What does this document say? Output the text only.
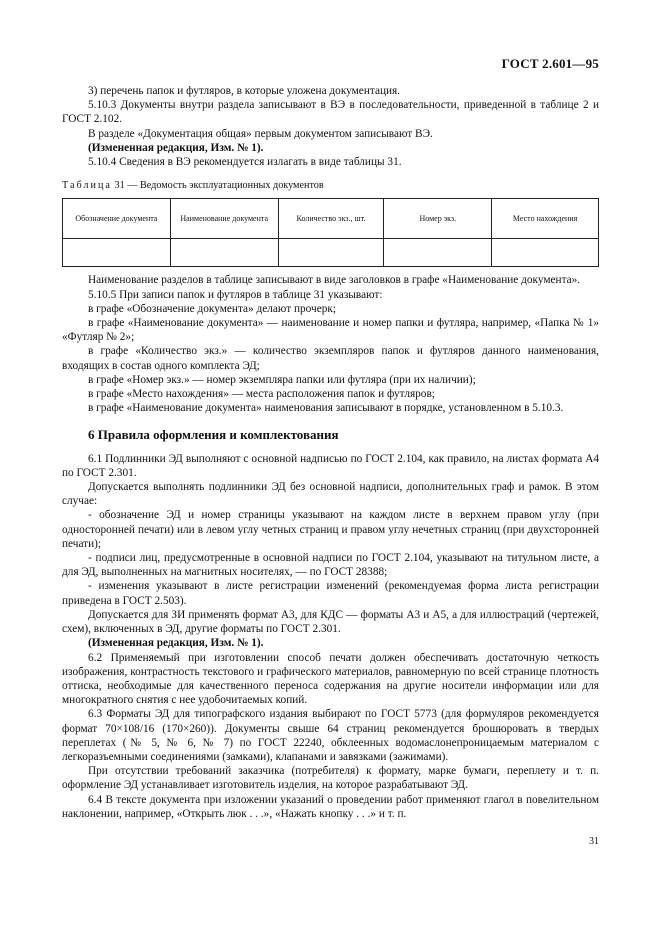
ГОСТ 2.601—95

3) перечень папок и футляров, в которые уложена документация.

5.10.3 Документы внутри раздела записывают в ВЭ в последовательности, приведенной в таблице 2 и ГОСТ 2.102.

В разделе «Документация общая» первым документом записывают ВЭ.

(Измененная редакция, Изм. № 1).

5.10.4 Сведения в ВЭ рекомендуется излагать в виде таблицы 31.

Таблица 31 — Ведомость эксплуатационных документов

Обозначение документа	Наименование документа	Количество экз., шт.	Номер экз.	Место нахождения

Наименование разделов в таблице записывают в виде заголовков в графе «Наименование документа».

5.10.5 При записи папок и футляров в таблице 31 указывают:

в графе «Обозначение документа» делают прочерк;

в графе «Наименование документа» — наименование и номер папки и футляра, например, «Папка № 1» «Футляр № 2»;

в графе «Количество экз.» — количество экземпляров папок и футляров данного наименования, входящих в состав одного комплекта ЭД;

в графе «Номер экз.» — номер экземпляра папки или футляра (при их наличии);

в графе «Место нахождения» — места расположения папок и футляров;

в графе «Наименование документа» наименования записывают в порядке, установленном в 5.10.3.

6 Правила оформления и комплектования

6.1 Подлинники ЭД выполняют с основной надписью по ГОСТ 2.104, как правило, на листах формата А4 по ГОСТ 2.301.

Допускается выполнять подлинники ЭД без основной надписи, дополнительных граф и рамок. В этом случае:

- обозначение ЭД и номер страницы указывают на каждом листе в верхнем правом углу (при односторонней печати) или в левом углу четных страниц и правом углу нечетных страниц (при двухсторонней печати);

- подписи лиц, предусмотренные в основной надписи по ГОСТ 2.104, указывают на титульном листе, а для ЭД, выполненных на магнитных носителях, — по ГОСТ 28388;

- изменения указывают в листе регистрации изменений (рекомендуемая форма листа регистрации приведена в ГОСТ 2.503).

Допускается для ЗИ применять формат А3, для КДС — форматы А3 и А5, а для иллюстраций (чертежей, схем), включенных в ЭД, другие форматы по ГОСТ 2.301.

(Измененная редакция, Изм. № 1).

6.2 Применяемый при изготовлении способ печати должен обеспечивать достаточную четкость изображения, контрастность текстового и графического материалов, равномерную по всей странице плотность оттиска, необходимые для качественного переноса содержания на другие носители информации или для многократного снятия с нее удобочитаемых копий.

6.3 Форматы ЭД для типографского издания выбирают по ГОСТ 5773 (для формуляров рекомендуется формат 70×108/16 (170×260)). Документы свыше 64 страниц рекомендуется брошюровать в твердых переплетах (№ 5, № 6, № 7) по ГОСТ 22240, обклеенных водомаслонепроницаемым материалом с легкоразъемными соединениями (замками), клапанами и завязками (зажимами).

При отсутствии требований заказчика (потребителя) к формату, марке бумаги, переплету и т. п. оформление ЭД устанавливает изготовитель изделия, на которое разрабатывают ЭД.

6.4 В тексте документа при изложении указаний о проведении работ применяют глагол в повелительном наклонении, например, «Открыть люк . . .», «Нажать кнопку . . .» и т. п.

31
